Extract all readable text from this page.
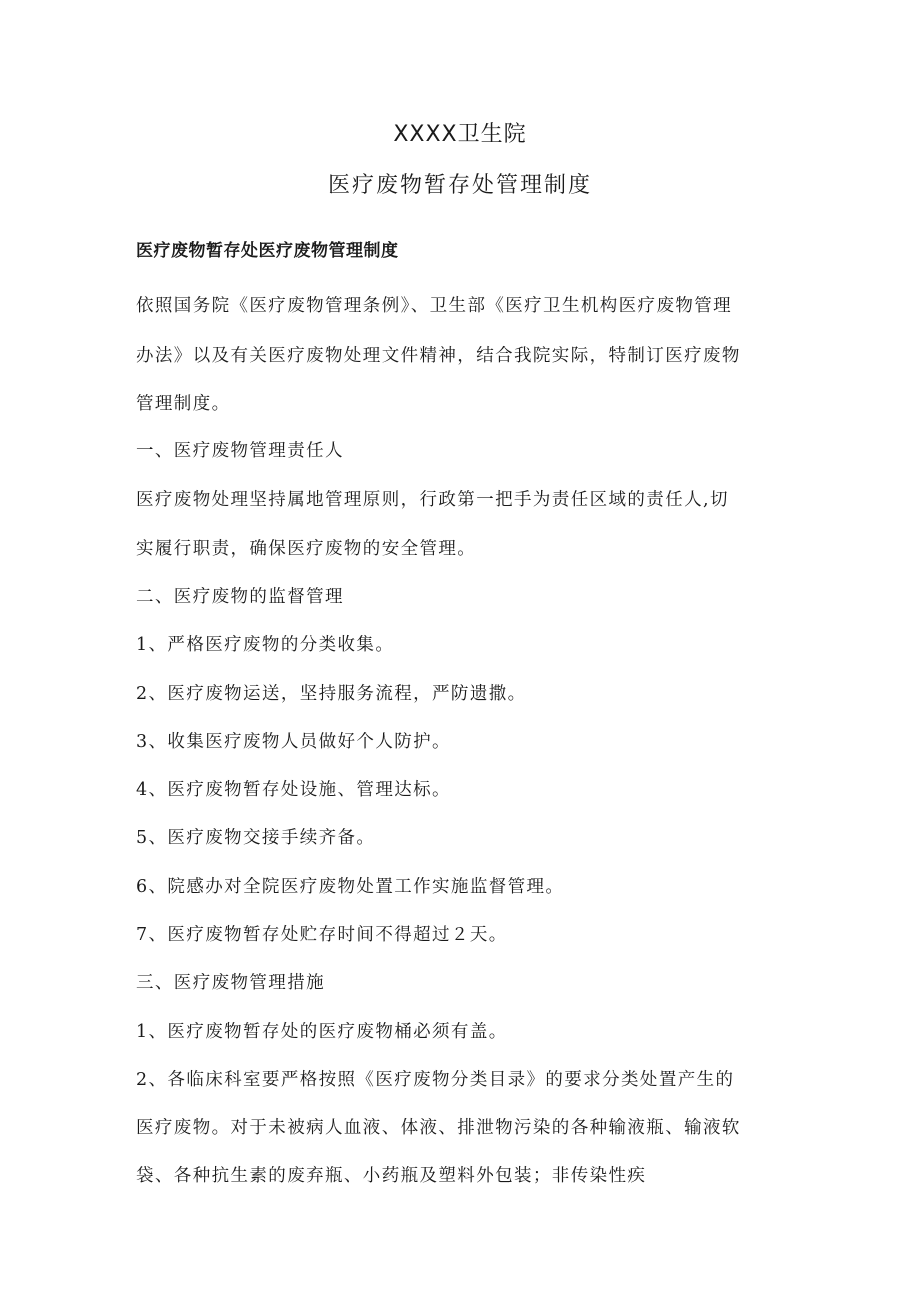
XXXX卫生院
医疗废物暂存处管理制度
医疗废物暂存处医疗废物管理制度
依照国务院《医疗废物管理条例》、卫生部《医疗卫生机构医疗废物管理
办法》以及有关医疗废物处理文件精神，结合我院实际，特制订医疗废物
管理制度。
一、医疗废物管理责任人
医疗废物处理坚持属地管理原则，行政第一把手为责任区域的责任人,切
实履行职责，确保医疗废物的安全管理。
二、医疗废物的监督管理
1、严格医疗废物的分类收集。
2、医疗废物运送，坚持服务流程，严防遗撒。
3、收集医疗废物人员做好个人防护。
4、医疗废物暂存处设施、管理达标。
5、医疗废物交接手续齐备。
6、院感办对全院医疗废物处置工作实施监督管理。
7、医疗废物暂存处贮存时间不得超过２天。
三、医疗废物管理措施
1、医疗废物暂存处的医疗废物桶必须有盖。
2、各临床科室要严格按照《医疗废物分类目录》的要求分类处置产生的
医疗废物。对于未被病人血液、体液、排泄物污染的各种输液瓶、输液软
袋、各种抗生素的废弃瓶、小药瓶及塑料外包装；非传染性疾
